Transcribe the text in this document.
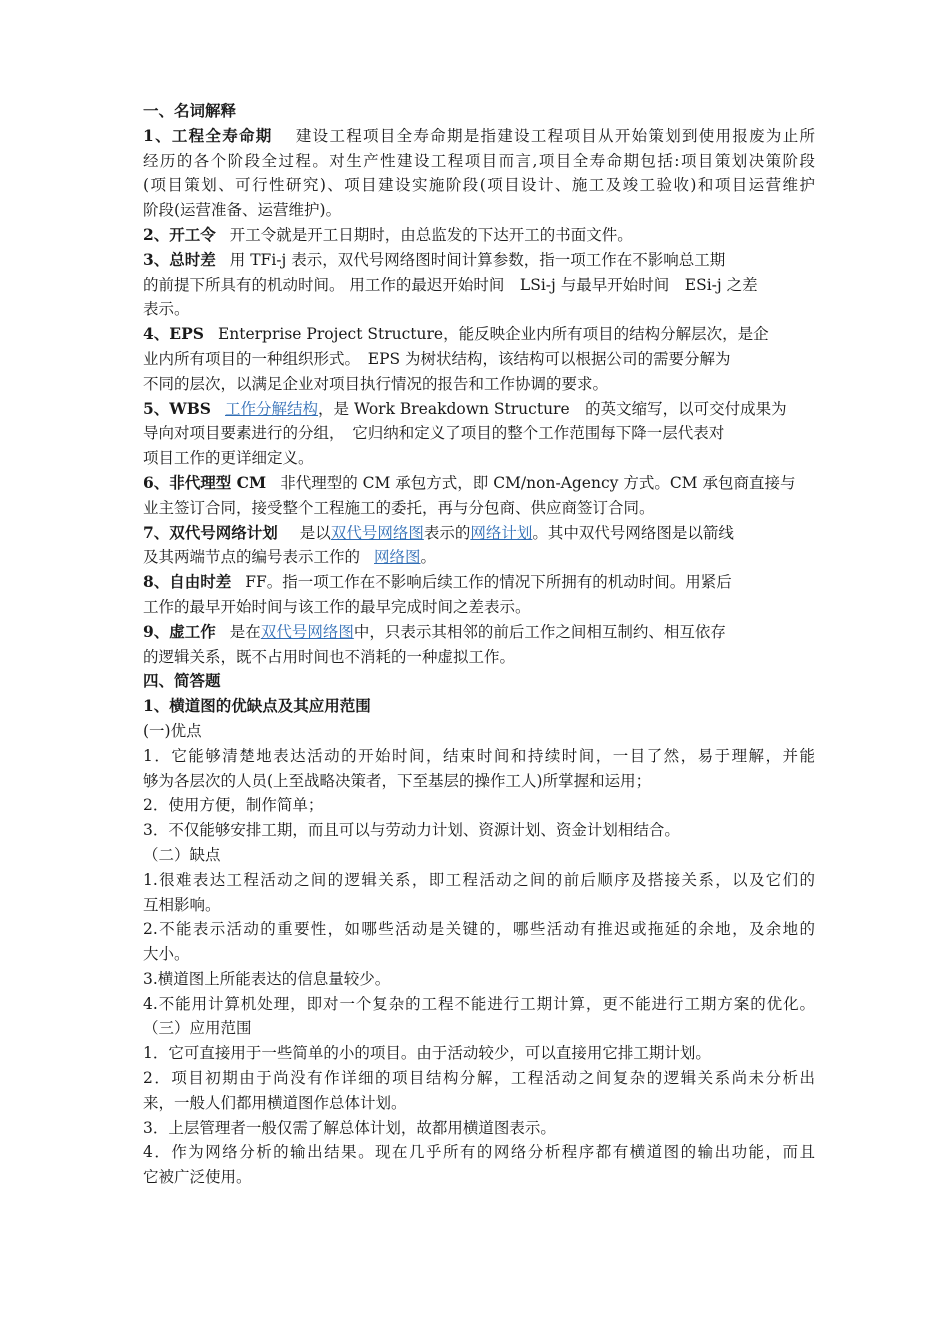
一、名词解释

1、工程全寿命期 建设工程项目全寿命期是指建设工程项目从开始策划到使用报废为止所

经历的各个阶段全过程。对生产性建设工程项目而言,项目全寿命期包括:项目策划决策阶段

(项目策划、可行性研究)、项目建设实施阶段(项目设计、施工及竣工验收)和项目运营维护

阶段(运营准备、运营维护)。

2、开工令 开工令就是开工日期时，由总监发的下达开工的书面文件。

3、总时差 用 TFi-j 表示，双代号网络图时间计算参数，指一项工作在不影响总工期

的前提下所具有的机动时间。 用工作的最迟开始时间　LSi-j 与最早开始时间　ESi-j 之差

表示。

4、EPS Enterprise Project Structure，能反映企业内所有项目的结构分解层次，是企

业内所有项目的一种组织形式。　EPS 为树状结构，该结构可以根据公司的需要分解为

不同的层次，以满足企业对项目执行情况的报告和工作协调的要求。

5、WBS 工作分解结构，是 Work Breakdown Structure　的英文缩写，以可交付成果为

导向对项目要素进行的分组，　它归纳和定义了项目的整个工作范围每下降一层代表对

项目工作的更详细定义。

6、非代理型 CM 非代理型的 CM 承包方式，即 CM/non-Agency 方式。CM 承包商直接与

业主签订合同，接受整个工程施工的委托，再与分包商、供应商签订合同。

7、双代号网络计划 是以双代号网络图表示的网络计划。其中双代号网络图是以箭线

及其两端节点的编号表示工作的 网络图。

8、自由时差 FF。指一项工作在不影响后续工作的情况下所拥有的机动时间。用紧后

工作的最早开始时间与该工作的最早完成时间之差表示。

9、虚工作 是在双代号网络图中，只表示其相邻的前后工作之间相互制约、相互依存

的逻辑关系，既不占用时间也不消耗的一种虚拟工作。

四、简答题

1、横道图的优缺点及其应用范围

(一)优点

1．它能够清楚地表达活动的开始时间，结束时间和持续时间，一目了然，易于理解，并能

够为各层次的人员(上至战略决策者，下至基层的操作工人)所掌握和运用；

2．使用方便，制作简单；

3．不仅能够安排工期，而且可以与劳动力计划、资源计划、资金计划相结合。

（二）缺点

1.很难表达工程活动之间的逻辑关系，即工程活动之间的前后顺序及搭接关系，以及它们的

互相影响。

2.不能表示活动的重要性，如哪些活动是关键的，哪些活动有推迟或拖延的余地，及余地的

大小。

3.横道图上所能表达的信息量较少。

4.不能用计算机处理，即对一个复杂的工程不能进行工期计算，更不能进行工期方案的优化。

（三）应用范围

1．它可直接用于一些简单的小的项目。由于活动较少，可以直接用它排工期计划。

2．项目初期由于尚没有作详细的项目结构分解，工程活动之间复杂的逻辑关系尚未分析出

来，一般人们都用横道图作总体计划。

3．上层管理者一般仅需了解总体计划，故都用横道图表示。

4．作为网络分析的输出结果。现在几乎所有的网络分析程序都有横道图的输出功能，而且

它被广泛使用。
